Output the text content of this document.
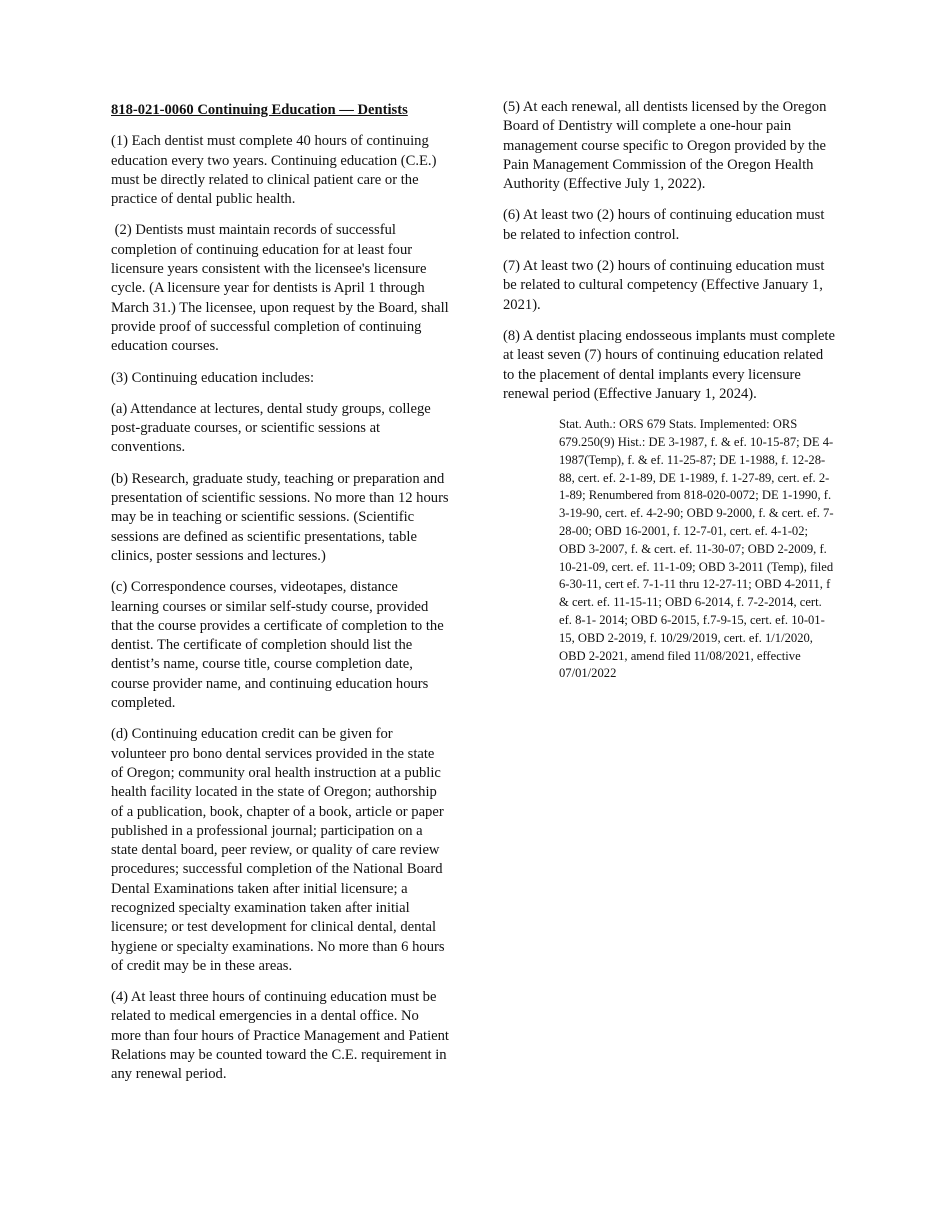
818-021-0060 Continuing Education — Dentists

(1) Each dentist must complete 40 hours of continuing education every two years. Continuing education (C.E.) must be directly related to clinical patient care or the practice of dental public health.

(2) Dentists must maintain records of successful completion of continuing education for at least four licensure years consistent with the licensee's licensure cycle. (A licensure year for dentists is April 1 through March 31.) The licensee, upon request by the Board, shall provide proof of successful completion of continuing education courses.

(3) Continuing education includes:

(a) Attendance at lectures, dental study groups, college post-graduate courses, or scientific sessions at conventions.

(b) Research, graduate study, teaching or preparation and presentation of scientific sessions. No more than 12 hours may be in teaching or scientific sessions. (Scientific sessions are defined as scientific presentations, table clinics, poster sessions and lectures.)

(c) Correspondence courses, videotapes, distance learning courses or similar self-study course, provided that the course provides a certificate of completion to the dentist. The certificate of completion should list the dentist’s name, course title, course completion date, course provider name, and continuing education hours completed.

(d) Continuing education credit can be given for volunteer pro bono dental services provided in the state of Oregon; community oral health instruction at a public health facility located in the state of Oregon; authorship of a publication, book, chapter of a book, article or paper published in a professional journal; participation on a state dental board, peer review, or quality of care review procedures; successful completion of the National Board Dental Examinations taken after initial licensure; a recognized specialty examination taken after initial licensure; or test development for clinical dental, dental hygiene or specialty examinations. No more than 6 hours of credit may be in these areas.

(4) At least three hours of continuing education must be related to medical emergencies in a dental office. No more than four hours of Practice Management and Patient Relations may be counted toward the C.E. requirement in any renewal period.

(5) At each renewal, all dentists licensed by the Oregon Board of Dentistry will complete a one-hour pain management course specific to Oregon provided by the Pain Management Commission of the Oregon Health Authority (Effective July 1, 2022).

(6) At least two (2) hours of continuing education must be related to infection control.

(7) At least two (2) hours of continuing education must be related to cultural competency (Effective January 1, 2021).

(8) A dentist placing endosseous implants must complete at least seven (7) hours of continuing education related to the placement of dental implants every licensure renewal period (Effective January 1, 2024).

Stat. Auth.: ORS 679 Stats. Implemented: ORS 679.250(9) Hist.: DE 3-1987, f. & ef. 10-15-87; DE 4-1987(Temp), f. & ef. 11-25-87; DE 1-1988, f. 12-28-88, cert. ef. 2-1-89, DE 1-1989, f. 1-27-89, cert. ef. 2-1-89; Renumbered from 818-020-0072; DE 1-1990, f. 3-19-90, cert. ef. 4-2-90; OBD 9-2000, f. & cert. ef. 7-28-00; OBD 16-2001, f. 12-7-01, cert. ef. 4-1-02; OBD 3-2007, f. & cert. ef. 11-30-07; OBD 2-2009, f. 10-21-09, cert. ef. 11-1-09; OBD 3-2011 (Temp), filed 6-30-11, cert ef. 7-1-11 thru 12-27-11; OBD 4-2011, f & cert. ef. 11-15-11; OBD 6-2014, f. 7-2-2014, cert. ef. 8-1- 2014; OBD 6-2015, f.7-9-15, cert. ef. 10-01-15, OBD 2-2019, f. 10/29/2019, cert. ef. 1/1/2020, OBD 2-2021, amend filed 11/08/2021, effective 07/01/2022
